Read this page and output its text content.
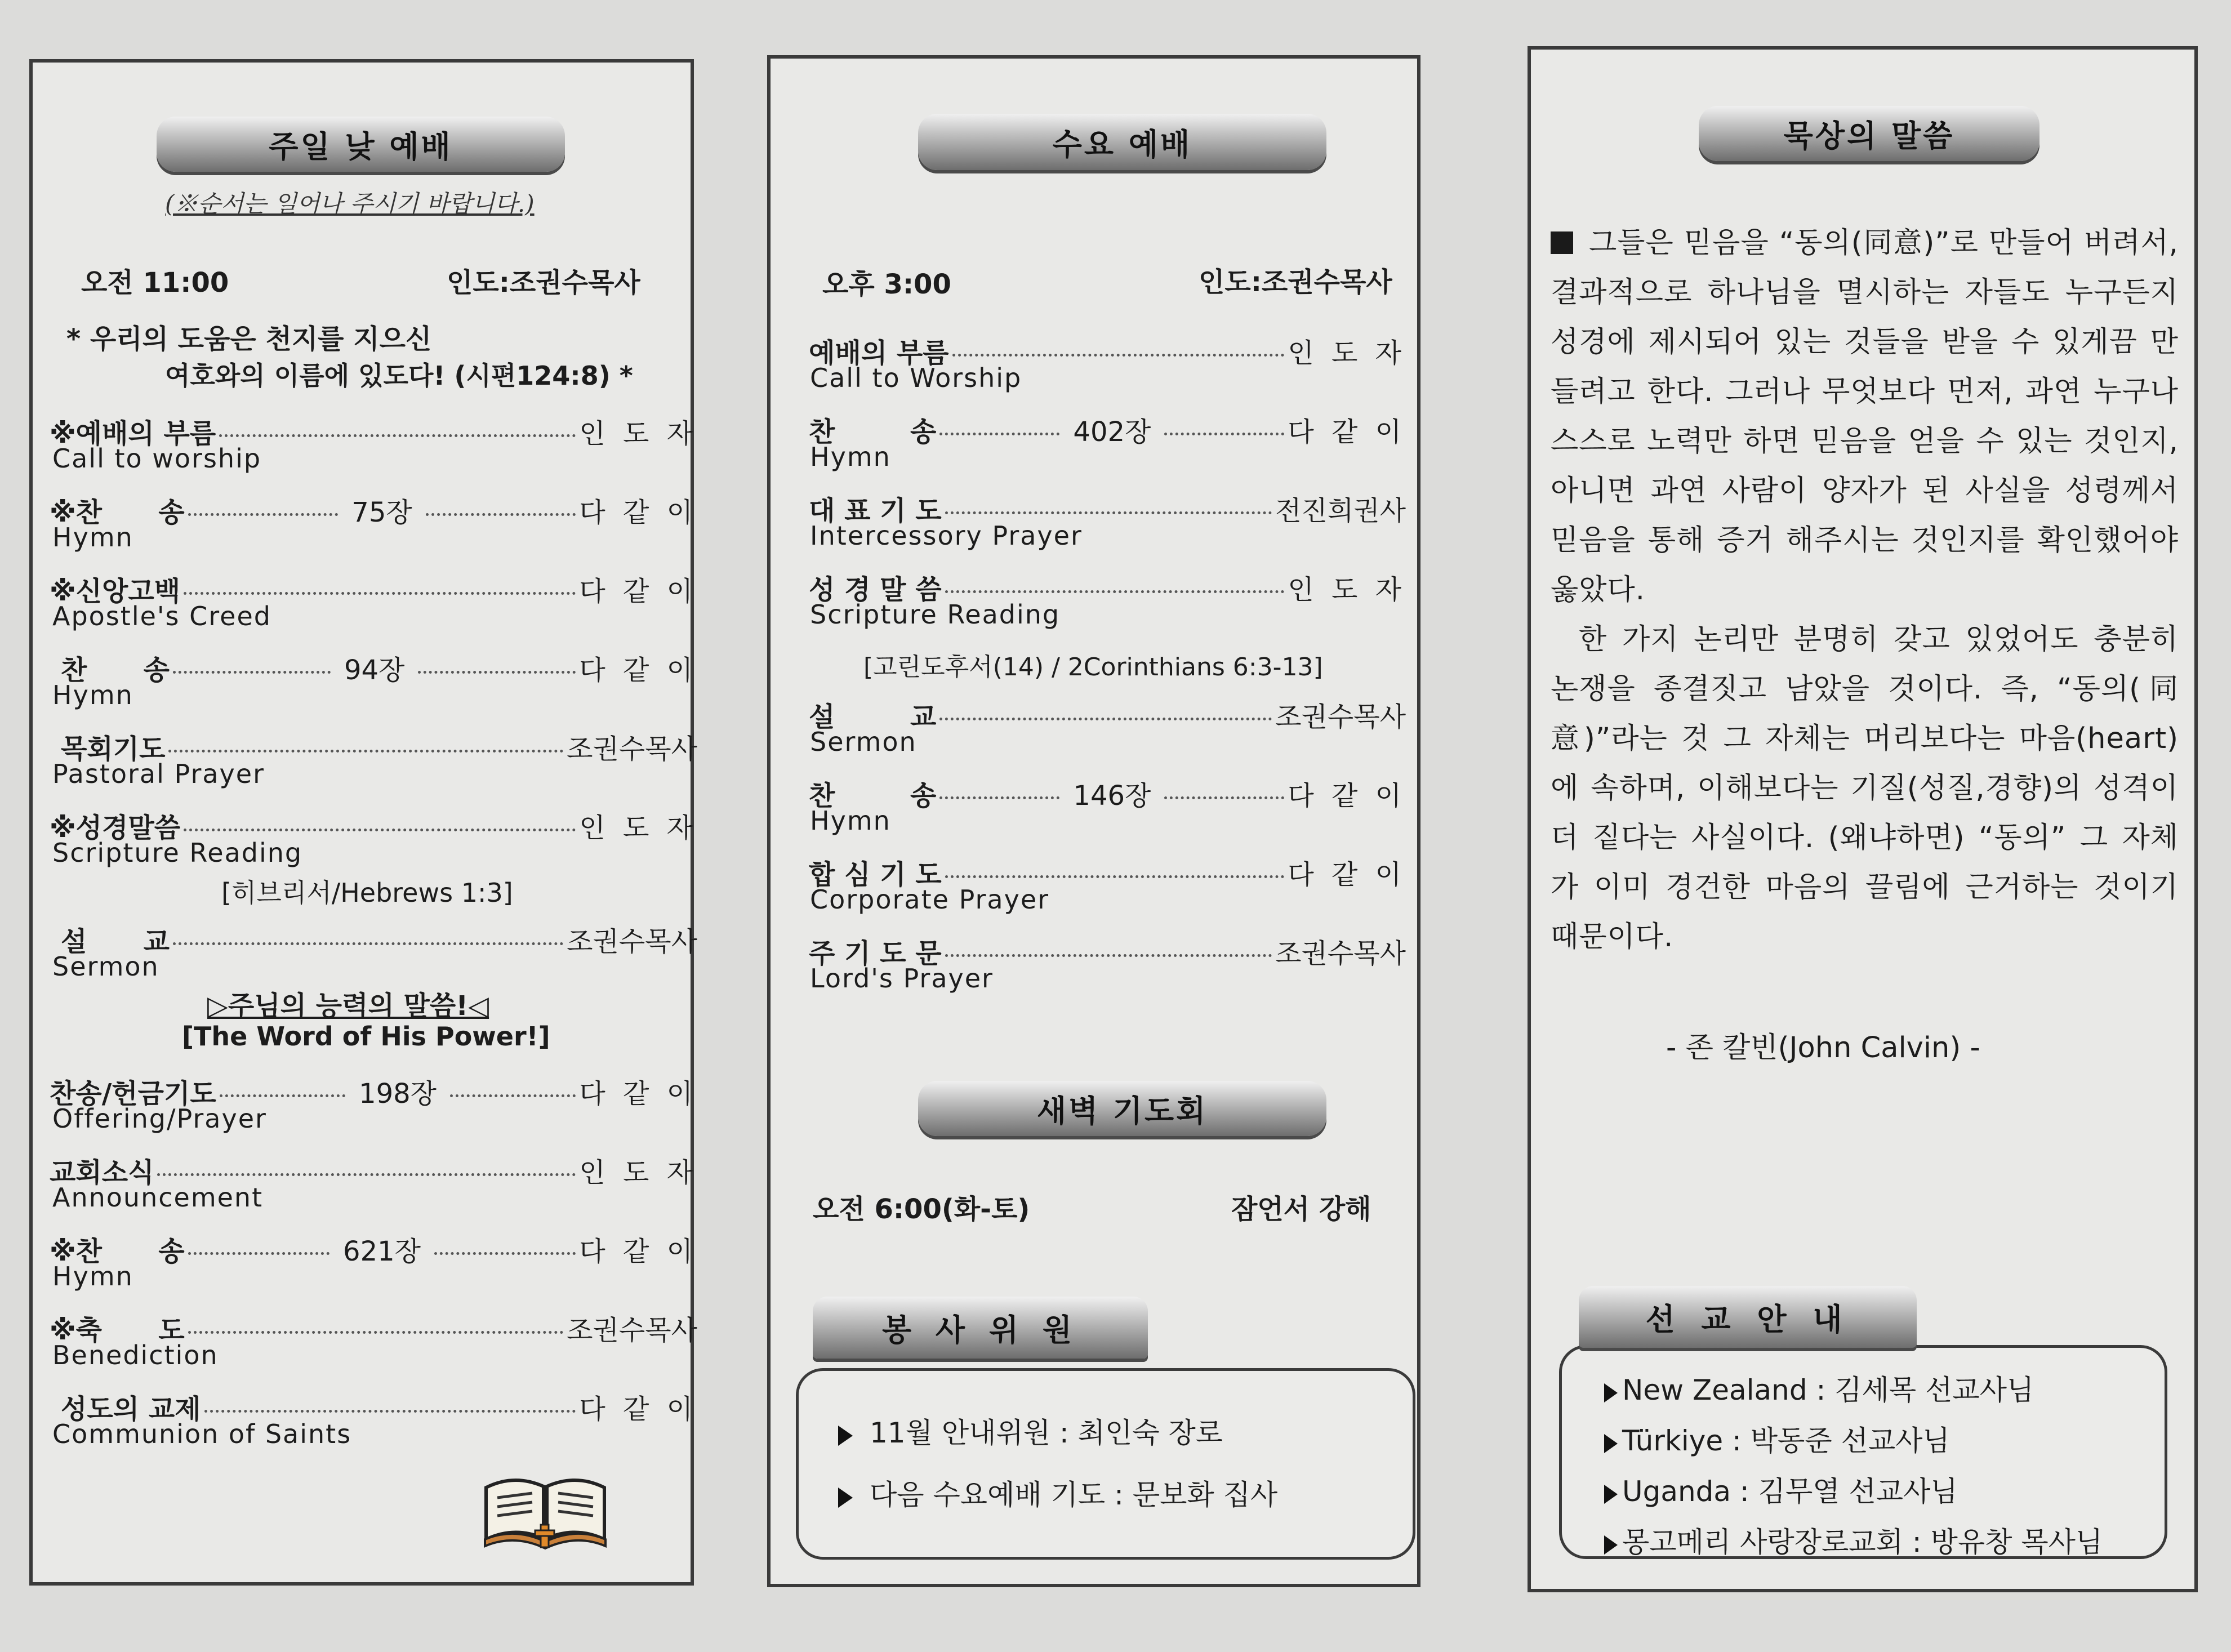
주일 낮 예배
(※순서는 일어나 주시기 바랍니다.)
오전 11:00	인도:조권수목사
* 우리의 도움은 천지를 지으신
여호와의 이름에 있도다! (시편124:8) *
※예배의 부름	인 도 자
Call to worship
※찬      송	75장	다 같 이
Hymn
※신앙고백	다 같 이
Apostle's Creed
찬      송	94장	다 같 이
Hymn
목회기도	조권수목사
Pastoral Prayer
※성경말씀	인 도 자
Scripture Reading
[히브리서/Hebrews 1:3]
설      교	조권수목사
Sermon
▷주님의 능력의 말씀!◁
[The Word of His Power!]
찬송/헌금기도	198장	다 같 이
Offering/Prayer
교회소식	인 도 자
Announcement
※찬      송	621장	다 같 이
Hymn
※축      도	조권수목사
Benediction
성도의 교제	다 같 이
Communion of Saints
수요 예배
오후 3:00	인도:조권수목사
예배의 부름	인 도 자
Call to Worship
찬        송	402장	다 같 이
Hymn
대 표 기 도	전진희권사
Intercessory Prayer
성 경 말 씀	인 도 자
Scripture Reading
[고린도후서(14) / 2Corinthians 6:3-13]
설        교	조권수목사
Sermon
찬        송	146장	다 같 이
Hymn
합 심 기 도	다 같 이
Corporate Prayer
주 기 도 문	조권수목사
Lord's Prayer
새벽 기도회
오전 6:00(화-토)	잠언서 강해
11월 안내위원 : 최인숙 장로
다음 수요예배 기도 : 문보화 집사
봉 사 위 원
묵상의 말씀

그들은 믿음을 “동의(同意)”로 만들어 버려서, 결과적으로 하나님을 멸시하는 자들도 누구든지 성경에 제시되어 있는 것들을 받을 수 있게끔 만들려고 한다. 그러나 무엇보다 먼저, 과연 누구나 스스로 노력만 하면 믿음을 얻을 수 있는 것인지, 아니면 과연 사람이 양자가 된 사실을 성령께서 믿음을 통해 증거 해주시는 것인지를 확인했어야 옳았다.

한 가지 논리만 분명히 갖고 있었어도 충분히 논쟁을 종결짓고 남았을 것이다. 즉, “동의(同意)”라는 것 그 자체는 머리보다는 마음(heart)에 속하며, 이해보다는 기질(성질,경향)의 성격이 더 짙다는 사실이다. (왜냐하면) “동의” 그 자체가 이미 경건한 마음의 끌림에 근거하는 것이기 때문이다.

- 존 칼빈(John Calvin) -
New Zealand : 김세목 선교사님
Türkiye : 박동준 선교사님
Uganda : 김무열 선교사님
몽고메리 사랑장로교회 : 방유창 목사님
선 교 안 내
